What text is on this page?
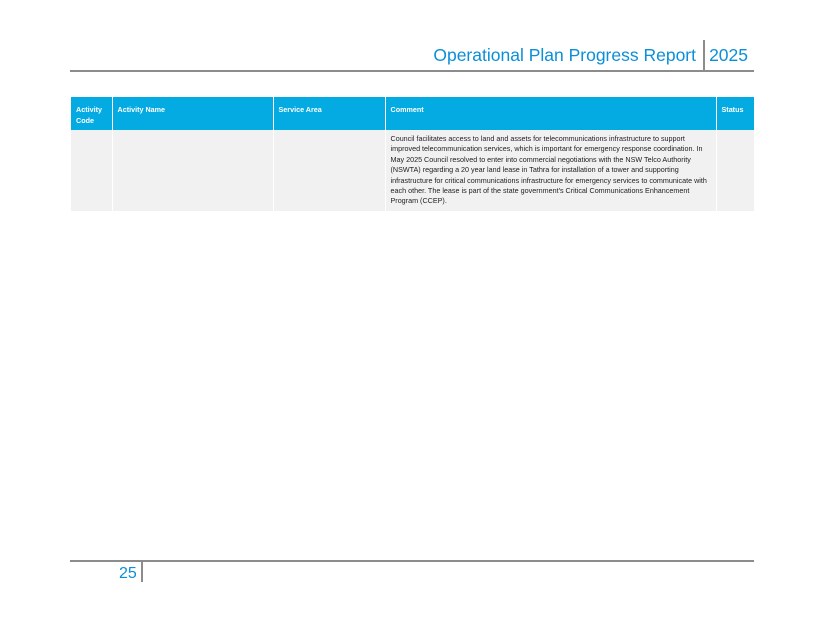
Operational Plan Progress Report 2025
Activity Code	Activity Name	Service Area	Comment	Status
			Council facilitates access to land and assets for telecommunications infrastructure to support improved telecommunication services, which is important for emergency response coordination. In May 2025 Council resolved to enter into commercial negotiations with the NSW Telco Authority (NSWTA) regarding a 20 year land lease in Tathra for installation of a tower and supporting infrastructure for critical communications infrastructure for emergency services to communicate with each other. The lease is part of the state government's Critical Communications Enhancement Program (CCEP).	
25
